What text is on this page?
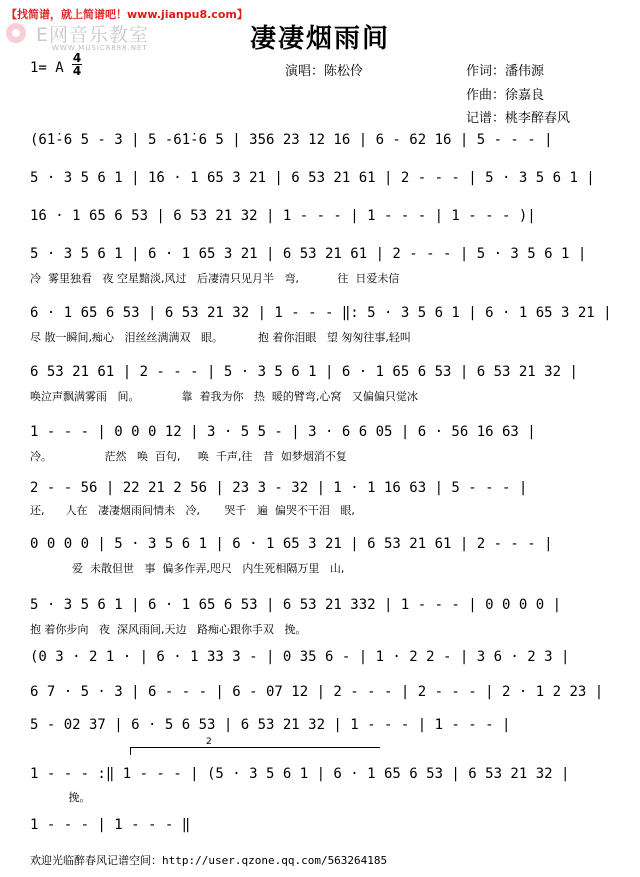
【找简谱，就上简谱吧！www.jianpu8.com】
E网音乐教室
WWW.MUSIC8888.NET	凄凄烟雨间
1= A
4
4	演唱：陈松伶	作词：潘伟源
作曲：徐嘉良
记谱：桃李醉春风
(6̇1̇-6 5 - 3 | 5 -6̇1̇-6 5 | 356 23 12 16 | 6 - 62 16 | 5 - - - |
5 · 3 5 6 1 | 1̇6 · 1 65 3 21 | 6 53 21 61 | 2 - - - | 5 · 3 5 6 1 |
1̇6 · 1 65 6 53 | 6 53 21 32 | 1 - - - | 1 - - - | 1 - - - )|
5 · 3 5 6 1 | 6 · 1 65 3 21 | 6 53 21 61 | 2 - - - | 5 · 3 5 6 1 |
冷  雾里独看   夜 空星黯淡,风过   后凄清只见月半   弯,           往  日爱未信
6 · 1 65 6 53 | 6 53 21 32 | 1 - - - ‖: 5 · 3 5 6 1 | 6 · 1 65 3 21 |
尽 散一瞬间,痴心   泪丝丝满满双   眼。          抱 着你泪眼   望 匆匆往事,轻叫
6 53 21 61 | 2 - - - | 5 · 3 5 6 1 | 6 · 1 65 6 53 | 6 53 21 32 |
唤泣声飘满雾雨   间。            靠  着我为你   热  暖的臂弯,心窝   又偏偏只觉冰
1 - - - | 0 0 0 12 | 3 · 5 5 - | 3 · 6 6 05 | 6 · 56 16 63 |
冷。               茫然   唤  百句,     唤  千声,往   昔  如梦烟消不复
2 - - 56 | 22 21 2 56 | 23 3 - 32 | 1 · 1 16 63 | 5 - - - |
还,      人在   凄凄烟雨间情未   冷,       哭千   遍  偏哭不干泪   眼,
0 0 0 0 | 5 · 3 5 6 1 | 6 · 1 65 3 21 | 6 53 21 61 | 2 - - - |
爱  未散但世   事  偏多作弄,咫尺   内生死相隔万里   山,
5 · 3 5 6 1 | 6 · 1 65 6 53 | 6 53 21 332 | 1 - - - | 0 0 0 0 |
抱 着你步向   夜  深风雨间,天边   路痴心跟你手双   挽。
(0 3 · 2 1 · | 6 · 1 33 3 - | 0 35 6 - | 1 · 2 2 - | 3 6 · 2 3 |
6 7 · 5 · 3 | 6 - - - | 6 - 07 12 | 2 - - - | 2 - - - | 2 · 1 2 23 |
5 - 02 37 | 6 · 5 6 53 | 6 53 21 32 | 1 - - - | 1 - - - |
2
1 - - - :‖ 1 - - - | (5 · 3 5 6 1 | 6 · 1 65 6 53 | 6 53 21 32 |
挽。
1 - - - | 1 - - - ‖
欢迎光临醉春风记谱空间：http://user.qzone.qq.com/563264185
